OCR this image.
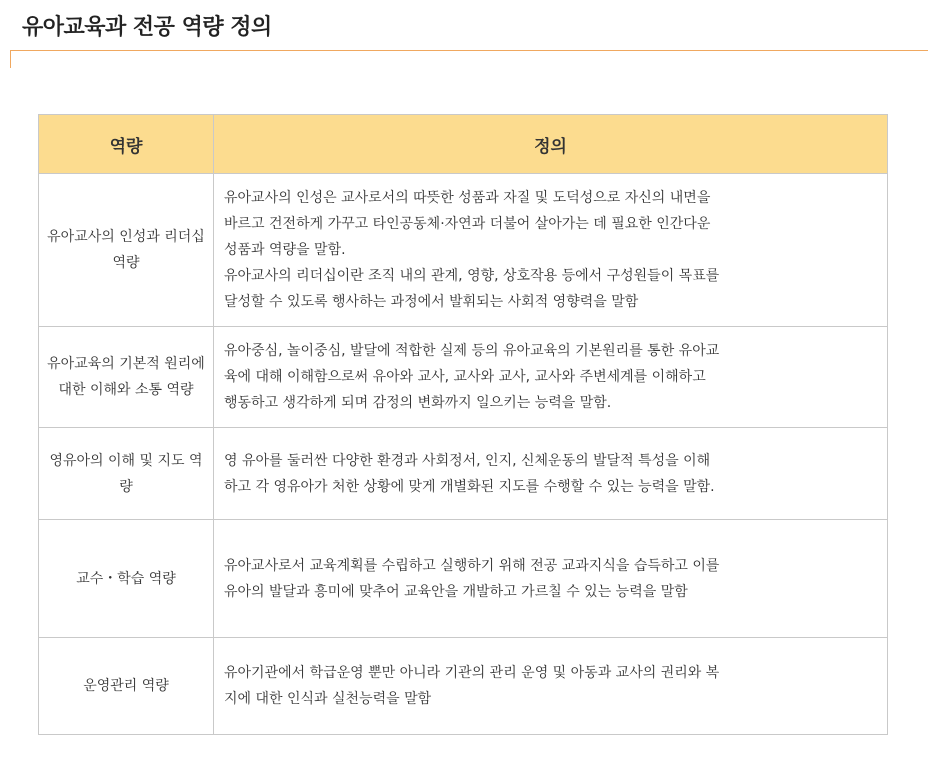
유아교육과 전공 역량 정의
역량	정의
유아교사의 인성과 리더십 역량	유아교사의 인성은 교사로서의 따뜻한 성품과 자질 및 도덕성으로 자신의 내면을
바르고 건전하게 가꾸고 타인공동체·자연과 더불어 살아가는 데 필요한 인간다운
성품과 역량을 말함.
유아교사의 리더십이란 조직 내의 관계, 영향, 상호작용 등에서 구성원들이 목표를
달성할 수 있도록 행사하는 과정에서 발휘되는 사회적 영향력을 말함

유아교육의 기본적 원리에 대한 이해와 소통 역량	유아중심, 놀이중심, 발달에 적합한 실제 등의 유아교육의 기본원리를 통한 유아교
육에 대해 이해함으로써 유아와 교사, 교사와 교사, 교사와 주변세계를 이해하고
행동하고 생각하게 되며 감정의 변화까지 일으키는 능력을 말함.

영유아의 이해 및 지도 역량	영 유아를 둘러싼 다양한 환경과 사회정서, 인지, 신체운동의 발달적 특성을 이해
하고 각 영유아가 처한 상황에 맞게 개별화된 지도를 수행할 수 있는 능력을 말함.

교수・학습 역량	유아교사로서 교육계획를 수립하고 실행하기 위해 전공 교과지식을 습득하고 이를
유아의 발달과 흥미에 맞추어 교육안을 개발하고 가르칠 수 있는 능력을 말함

운영관리 역량	유아기관에서 학급운영 뿐만 아니라 기관의 관리 운영 및 아동과 교사의 권리와 복
지에 대한 인식과 실천능력을 말함
